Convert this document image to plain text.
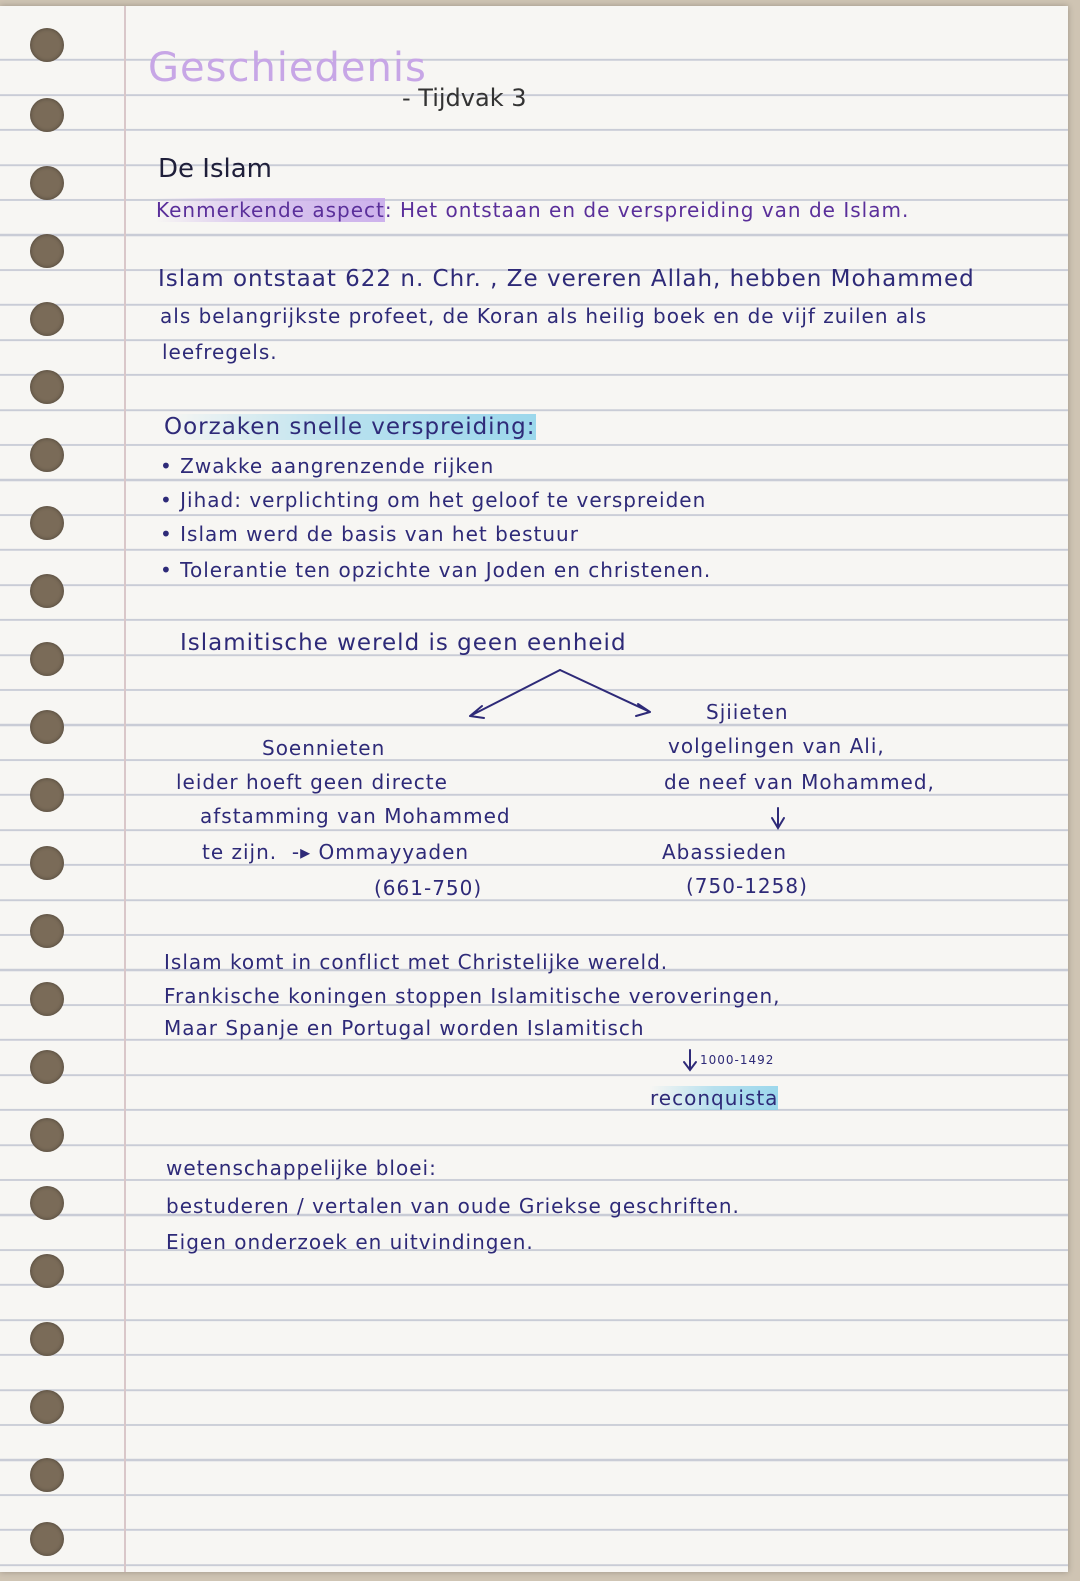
Geschiedenis

- Tijdvak 3

De Islam

Kenmerkende aspect: Het ontstaan en de verspreiding van de Islam.

Islam ontstaat 622 n. Chr. , Ze vereren Allah, hebben Mohammed

als belangrijkste profeet, de Koran als heilig boek en de vijf zuilen als

leefregels.

Oorzaken snelle verspreiding:

• Zwakke aangrenzende rijken

• Jihad: verplichting om het geloof te verspreiden

• Islam werd de basis van het bestuur

• Tolerantie ten opzichte van Joden en christenen.

Islamitische wereld is geen eenheid

Soennieten

leider hoeft geen directe

afstamming van Mohammed

te zijn. -▸ Ommayyaden

(661-750)

Sjiieten

volgelingen van Ali,

de neef van Mohammed,

Abassieden

(750-1258)

Islam komt in conflict met Christelijke wereld.

Frankische koningen stoppen Islamitische veroveringen,

Maar Spanje en Portugal worden Islamitisch

1000-1492

reconquista

wetenschappelijke bloei:

bestuderen / vertalen van oude Griekse geschriften.

Eigen onderzoek en uitvindingen.
